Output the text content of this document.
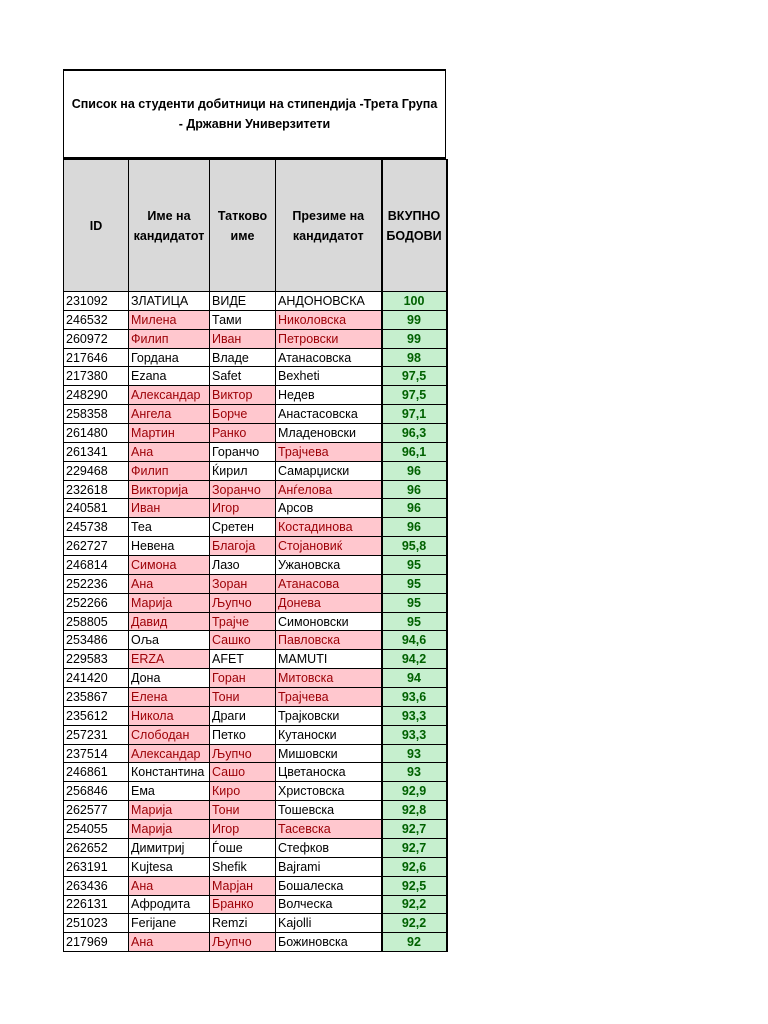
Список на студенти добитници на стипендија -Трета Група - Државни Универзитети
ID	Име на кандидатот	Татково име	Презиме на кандидатот	ВКУПНО БОДОВИ
231092	ЗЛАТИЦА	ВИДЕ	АНДОНОВСКА	100
246532	Милена	Тами	Николовска	99
260972	Филип	Иван	Петровски	99
217646	Гордана	Владе	Атанасовска	98
217380	Ezana	Safet	Bexheti	97,5
248290	Александар	Виктор	Недев	97,5
258358	Ангела	Борче	Анастасовска	97,1
261480	Мартин	Ранко	Младеновски	96,3
261341	Ана	Горанчо	Трајчева	96,1
229468	Филип	Ќирил	Самарџиски	96
232618	Викторија	Зоранчо	Анѓелова	96
240581	Иван	Игор	Арсов	96
245738	Теа	Сретен	Костадинова	96
262727	Невена	Благоја	Стојановиќ	95,8
246814	Симона	Лазо	Ужановска	95
252236	Ана	Зоран	Атанасова	95
252266	Марија	Љупчо	Донева	95
258805	Давид	Трајче	Симоновски	95
253486	Оља	Сашко	Павловска	94,6
229583	ERZA	AFET	MAMUTI	94,2
241420	Дона	Горан	Митовска	94
235867	Елена	Тони	Трајчева	93,6
235612	Никола	Драги	Трајковски	93,3
257231	Слободан	Петко	Кутаноски	93,3
237514	Александар	Љупчо	Мишовски	93
246861	Константина	Сашо	Цветаноска	93
256846	Ема	Киро	Христовска	92,9
262577	Марија	Тони	Тошевска	92,8
254055	Марија	Игор	Тасевска	92,7
262652	Димитриј	Ѓоше	Стефков	92,7
263191	Kujtesa	Shefik	Bajrami	92,6
263436	Ана	Марјан	Бошалеска	92,5
226131	Афродита	Бранко	Волческа	92,2
251023	Ferijane	Remzi	Kajolli	92,2
217969	Ана	Љупчо	Божиновска	92
